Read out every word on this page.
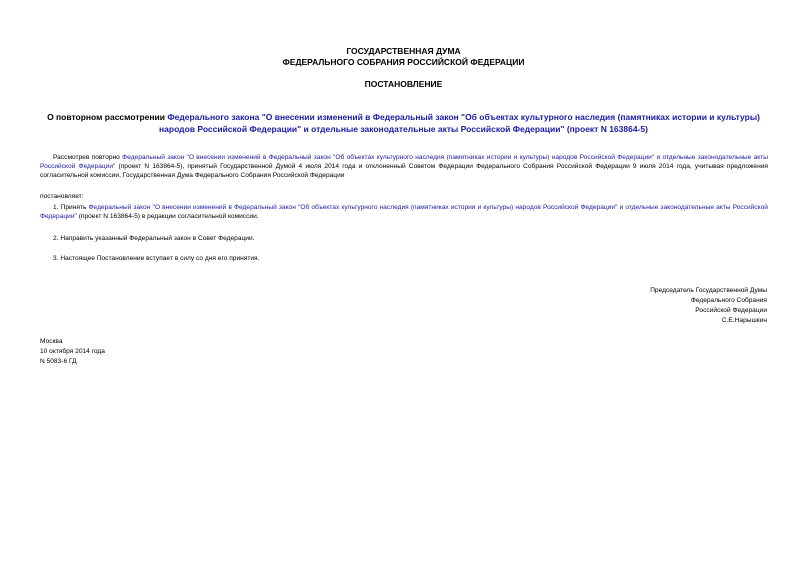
ГОСУДАРСТВЕННАЯ ДУМА
ФЕДЕРАЛЬНОГО СОБРАНИЯ РОССИЙСКОЙ ФЕДЕРАЦИИ
ПОСТАНОВЛЕНИЕ
О повторном рассмотрении Федерального закона "О внесении изменений в Федеральный закон "Об объектах культурного наследия (памятниках истории и культуры) народов Российской Федерации" и отдельные законодательные акты Российской Федерации" (проект N 163864-5)
Рассмотрев повторно Федеральный закон "О внесении изменений в Федеральный закон "Об объектах культурного наследия (памятниках истории и культуры) народов Российской Федерации" и отдельные законодательные акты Российской Федерации" (проект N 163864-5), принятый Государственной Думой 4 июля 2014 года и отклоненный Советом Федерации Федерального Собрания Российской Федерации 9 июля 2014 года, учитывая предложения согласительной комиссии, Государственная Дума Федерального Собрания Российской Федерации
постановляет:
1. Принять Федеральный закон "О внесении изменений в Федеральный закон "Об объектах культурного наследия (памятниках истории и культуры) народов Российской Федерации" и отдельные законодательные акты Российской Федерации" (проект N 163864-5) в редакции согласительной комиссии.
2. Направить указанный Федеральный закон в Совет Федерации.
3. Настоящее Постановление вступает в силу со дня его принятия.
Председатель Государственной Думы
Федерального Собрания
Российской Федерации
С.Е.Нарышкин
Москва
10 октября 2014 года
N 5083-6 ГД
